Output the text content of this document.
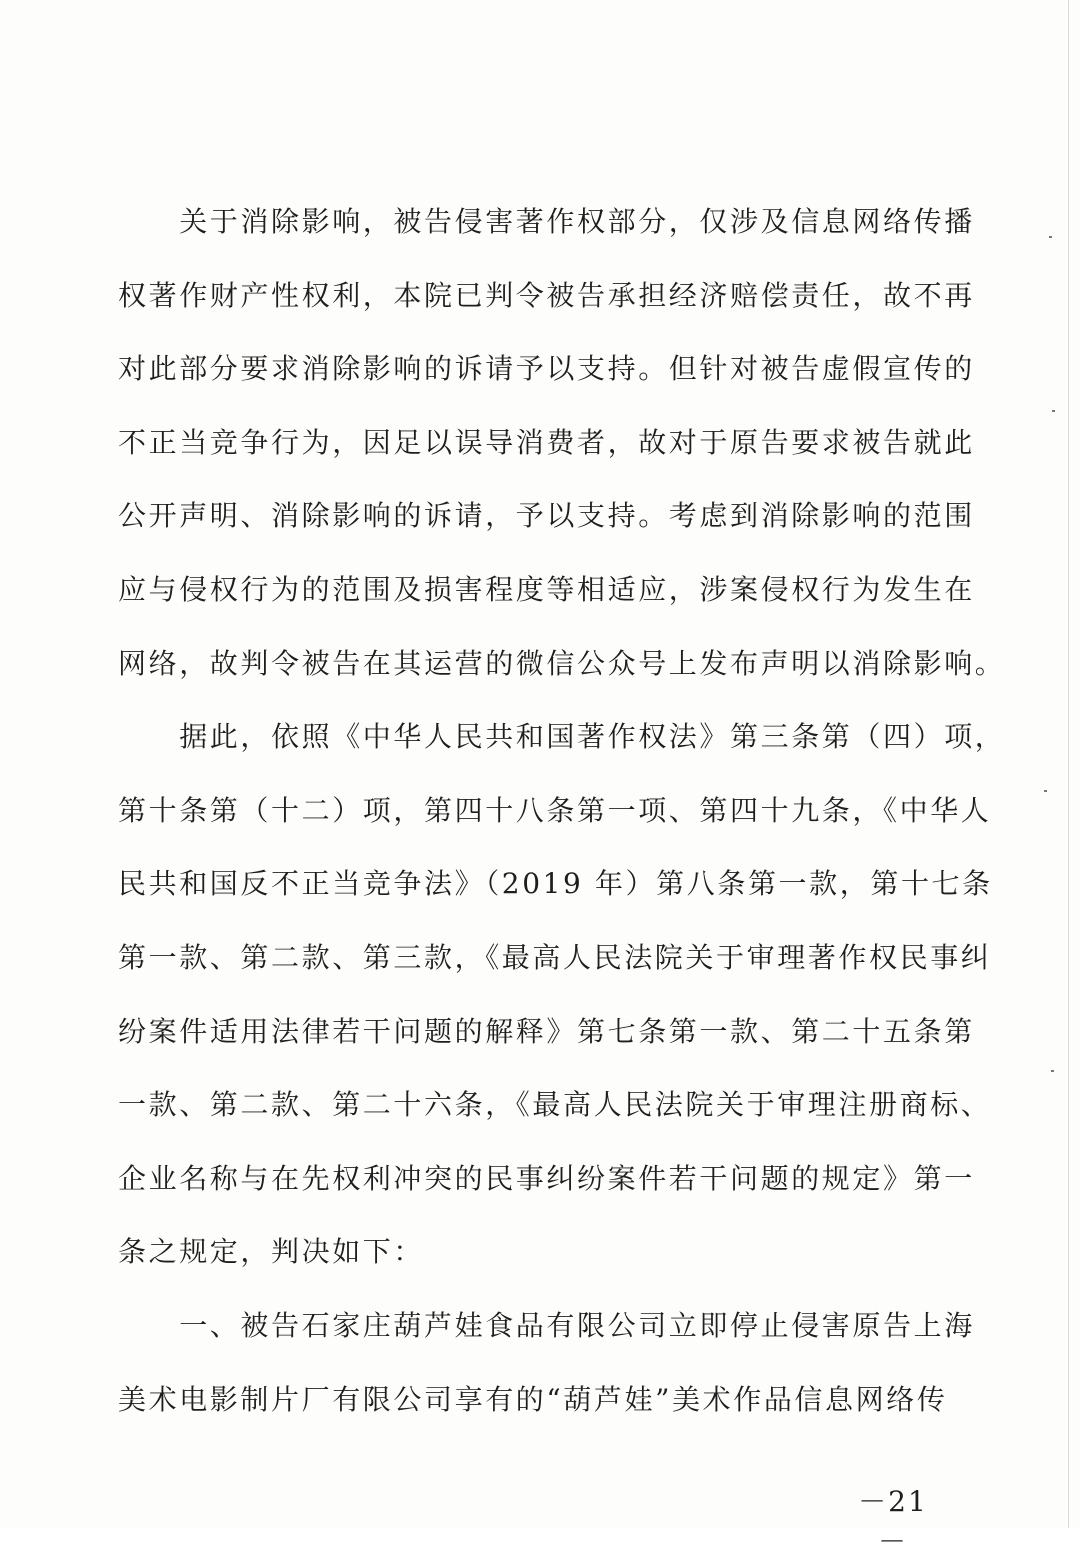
　　关于消除影响，被告侵害著作权部分，仅涉及信息网络传播
权著作财产性权利，本院已判令被告承担经济赔偿责任，故不再
对此部分要求消除影响的诉请予以支持。但针对被告虚假宣传的
不正当竞争行为，因足以误导消费者，故对于原告要求被告就此
公开声明、消除影响的诉请，予以支持。考虑到消除影响的范围
应与侵权行为的范围及损害程度等相适应，涉案侵权行为发生在
网络，故判令被告在其运营的微信公众号上发布声明以消除影响。
　　据此，依照《中华人民共和国著作权法》第三条第（四）项，
第十条第（十二）项，第四十八条第一项、第四十九条，《中华人
民共和国反不正当竞争法》（2019 年）第八条第一款，第十七条
第一款、第二款、第三款，《最高人民法院关于审理著作权民事纠
纷案件适用法律若干问题的解释》第七条第一款、第二十五条第
一款、第二款、第二十六条，《最高人民法院关于审理注册商标、
企业名称与在先权利冲突的民事纠纷案件若干问题的规定》第一
条之规定，判决如下：
　　一、被告石家庄葫芦娃食品有限公司立即停止侵害原告上海
美术电影制片厂有限公司享有的“葫芦娃”美术作品信息网络传
－21－
